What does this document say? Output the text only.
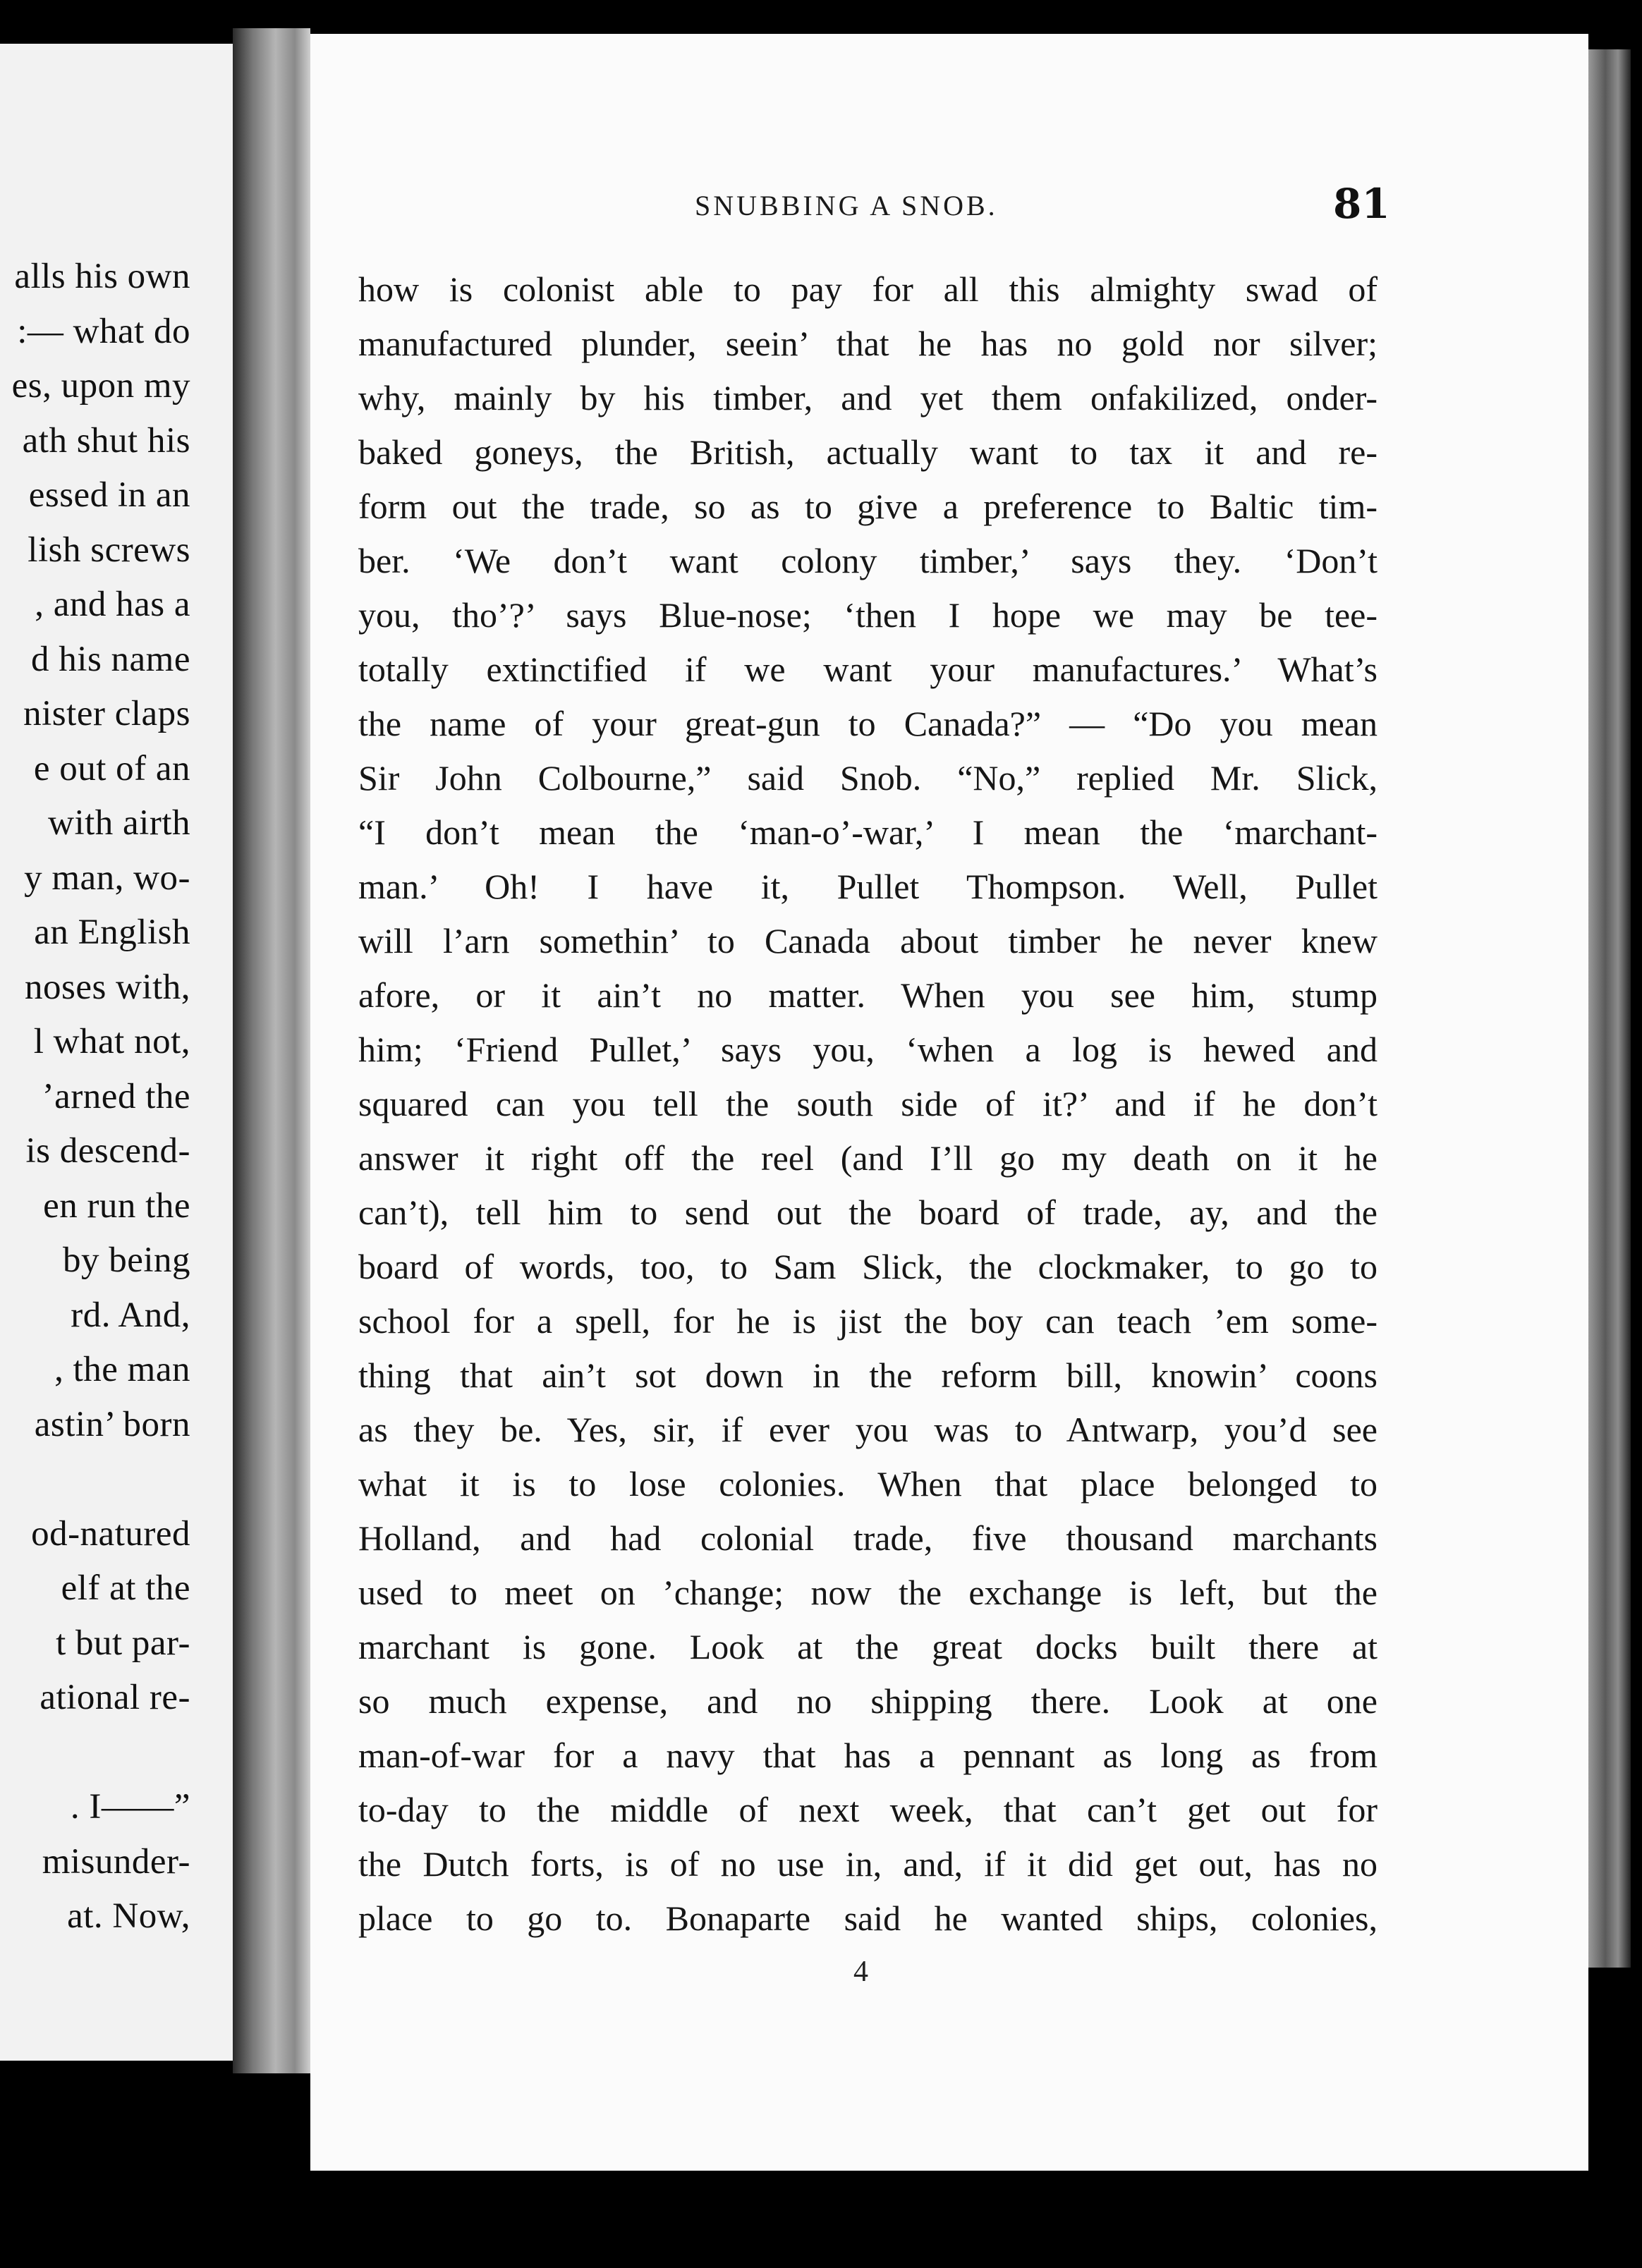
alls his own
:— what do
es, upon my
ath shut his
essed in an
lish screws
, and has a
d his name
nister claps
e out of an
with airth
y man, wo-
an English
noses with,
l what not,
’arned the
is descend-
en run the
by being
rd. And,
, the man
astin’ born
od-natured
elf at the
t but par-
ational re-
. I——”
misunder-
at. Now,
SNUBBING A SNOB.	81
how is colonist able to pay for all this almighty swad of
manufactured plunder, seein’ that he has no gold nor silver;
why, mainly by his timber, and yet them onfakilized, onder-
baked goneys, the British, actually want to tax it and re-
form out the trade, so as to give a preference to Baltic tim-
ber. ‘We don’t want colony timber,’ says they. ‘Don’t
you, tho’?’ says Blue-nose; ‘then I hope we may be tee-
totally extinctified if we want your manufactures.’ What’s
the name of your great-gun to Canada?” — “Do you mean
Sir John Colbourne,” said Snob. “No,” replied Mr. Slick,
“I don’t mean the ‘man-o’-war,’ I mean the ‘marchant-
man.’ Oh! I have it, Pullet Thompson. Well, Pullet
will l’arn somethin’ to Canada about timber he never knew
afore, or it ain’t no matter. When you see him, stump
him; ‘Friend Pullet,’ says you, ‘when a log is hewed and
squared can you tell the south side of it?’ and if he don’t
answer it right off the reel (and I’ll go my death on it he
can’t), tell him to send out the board of trade, ay, and the
board of words, too, to Sam Slick, the clockmaker, to go to
school for a spell, for he is jist the boy can teach ’em some-
thing that ain’t sot down in the reform bill, knowin’ coons
as they be. Yes, sir, if ever you was to Antwarp, you’d see
what it is to lose colonies. When that place belonged to
Holland, and had colonial trade, five thousand marchants
used to meet on ’change; now the exchange is left, but the
marchant is gone. Look at the great docks built there at
so much expense, and no shipping there. Look at one
man-of-war for a navy that has a pennant as long as from
to-day to the middle of next week, that can’t get out for
the Dutch forts, is of no use in, and, if it did get out, has no
place to go to. Bonaparte said he wanted ships, colonies,
4
